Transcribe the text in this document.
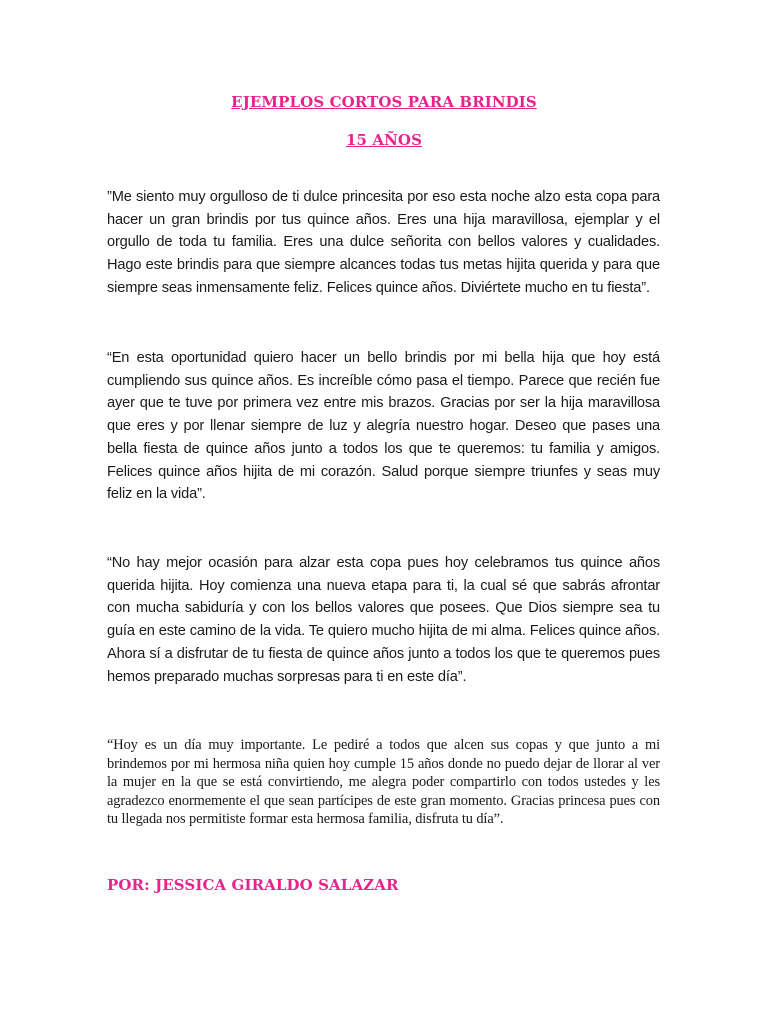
EJEMPLOS CORTOS PARA BRINDIS

15 AÑOS

”Me siento muy orgulloso de ti dulce princesita por eso esta noche alzo esta copa para hacer un gran brindis por tus quince años. Eres una hija maravillosa, ejemplar y el orgullo de toda tu familia. Eres una dulce señorita con bellos valores y cualidades. Hago este brindis para que siempre alcances todas tus metas hijita querida y para que siempre seas inmensamente feliz. Felices quince años. Diviértete mucho en tu fiesta”.

“En esta oportunidad quiero hacer un bello brindis por mi bella hija que hoy está cumpliendo sus quince años. Es increíble cómo pasa el tiempo. Parece que recién fue ayer que te tuve por primera vez entre mis brazos. Gracias por ser la hija maravillosa que eres y por llenar siempre de luz y alegría nuestro hogar. Deseo que pases una bella fiesta de quince años junto a todos los que te queremos: tu familia y amigos. Felices quince años hijita de mi corazón. Salud porque siempre triunfes y seas muy feliz en la vida”.

“No hay mejor ocasión para alzar esta copa pues hoy celebramos tus quince años querida hijita. Hoy comienza una nueva etapa para ti, la cual sé que sabrás afrontar con mucha sabiduría y con los bellos valores que posees. Que Dios siempre sea tu guía en este camino de la vida. Te quiero mucho hijita de mi alma. Felices quince años. Ahora sí a disfrutar de tu fiesta de quince años junto a todos los que te queremos pues hemos preparado muchas sorpresas para ti en este día”.

“Hoy es un día muy importante. Le pediré a todos que alcen sus copas y que junto a mi brindemos por mi hermosa niña quien hoy cumple 15 años donde no puedo dejar de llorar al ver la mujer en la que se está convirtiendo, me alegra poder compartirlo con todos ustedes y les agradezco enormemente el que sean partícipes de este gran momento. Gracias princesa pues con tu llegada nos permitiste formar esta hermosa familia, disfruta tu día”.

POR: JESSICA GIRALDO SALAZAR
